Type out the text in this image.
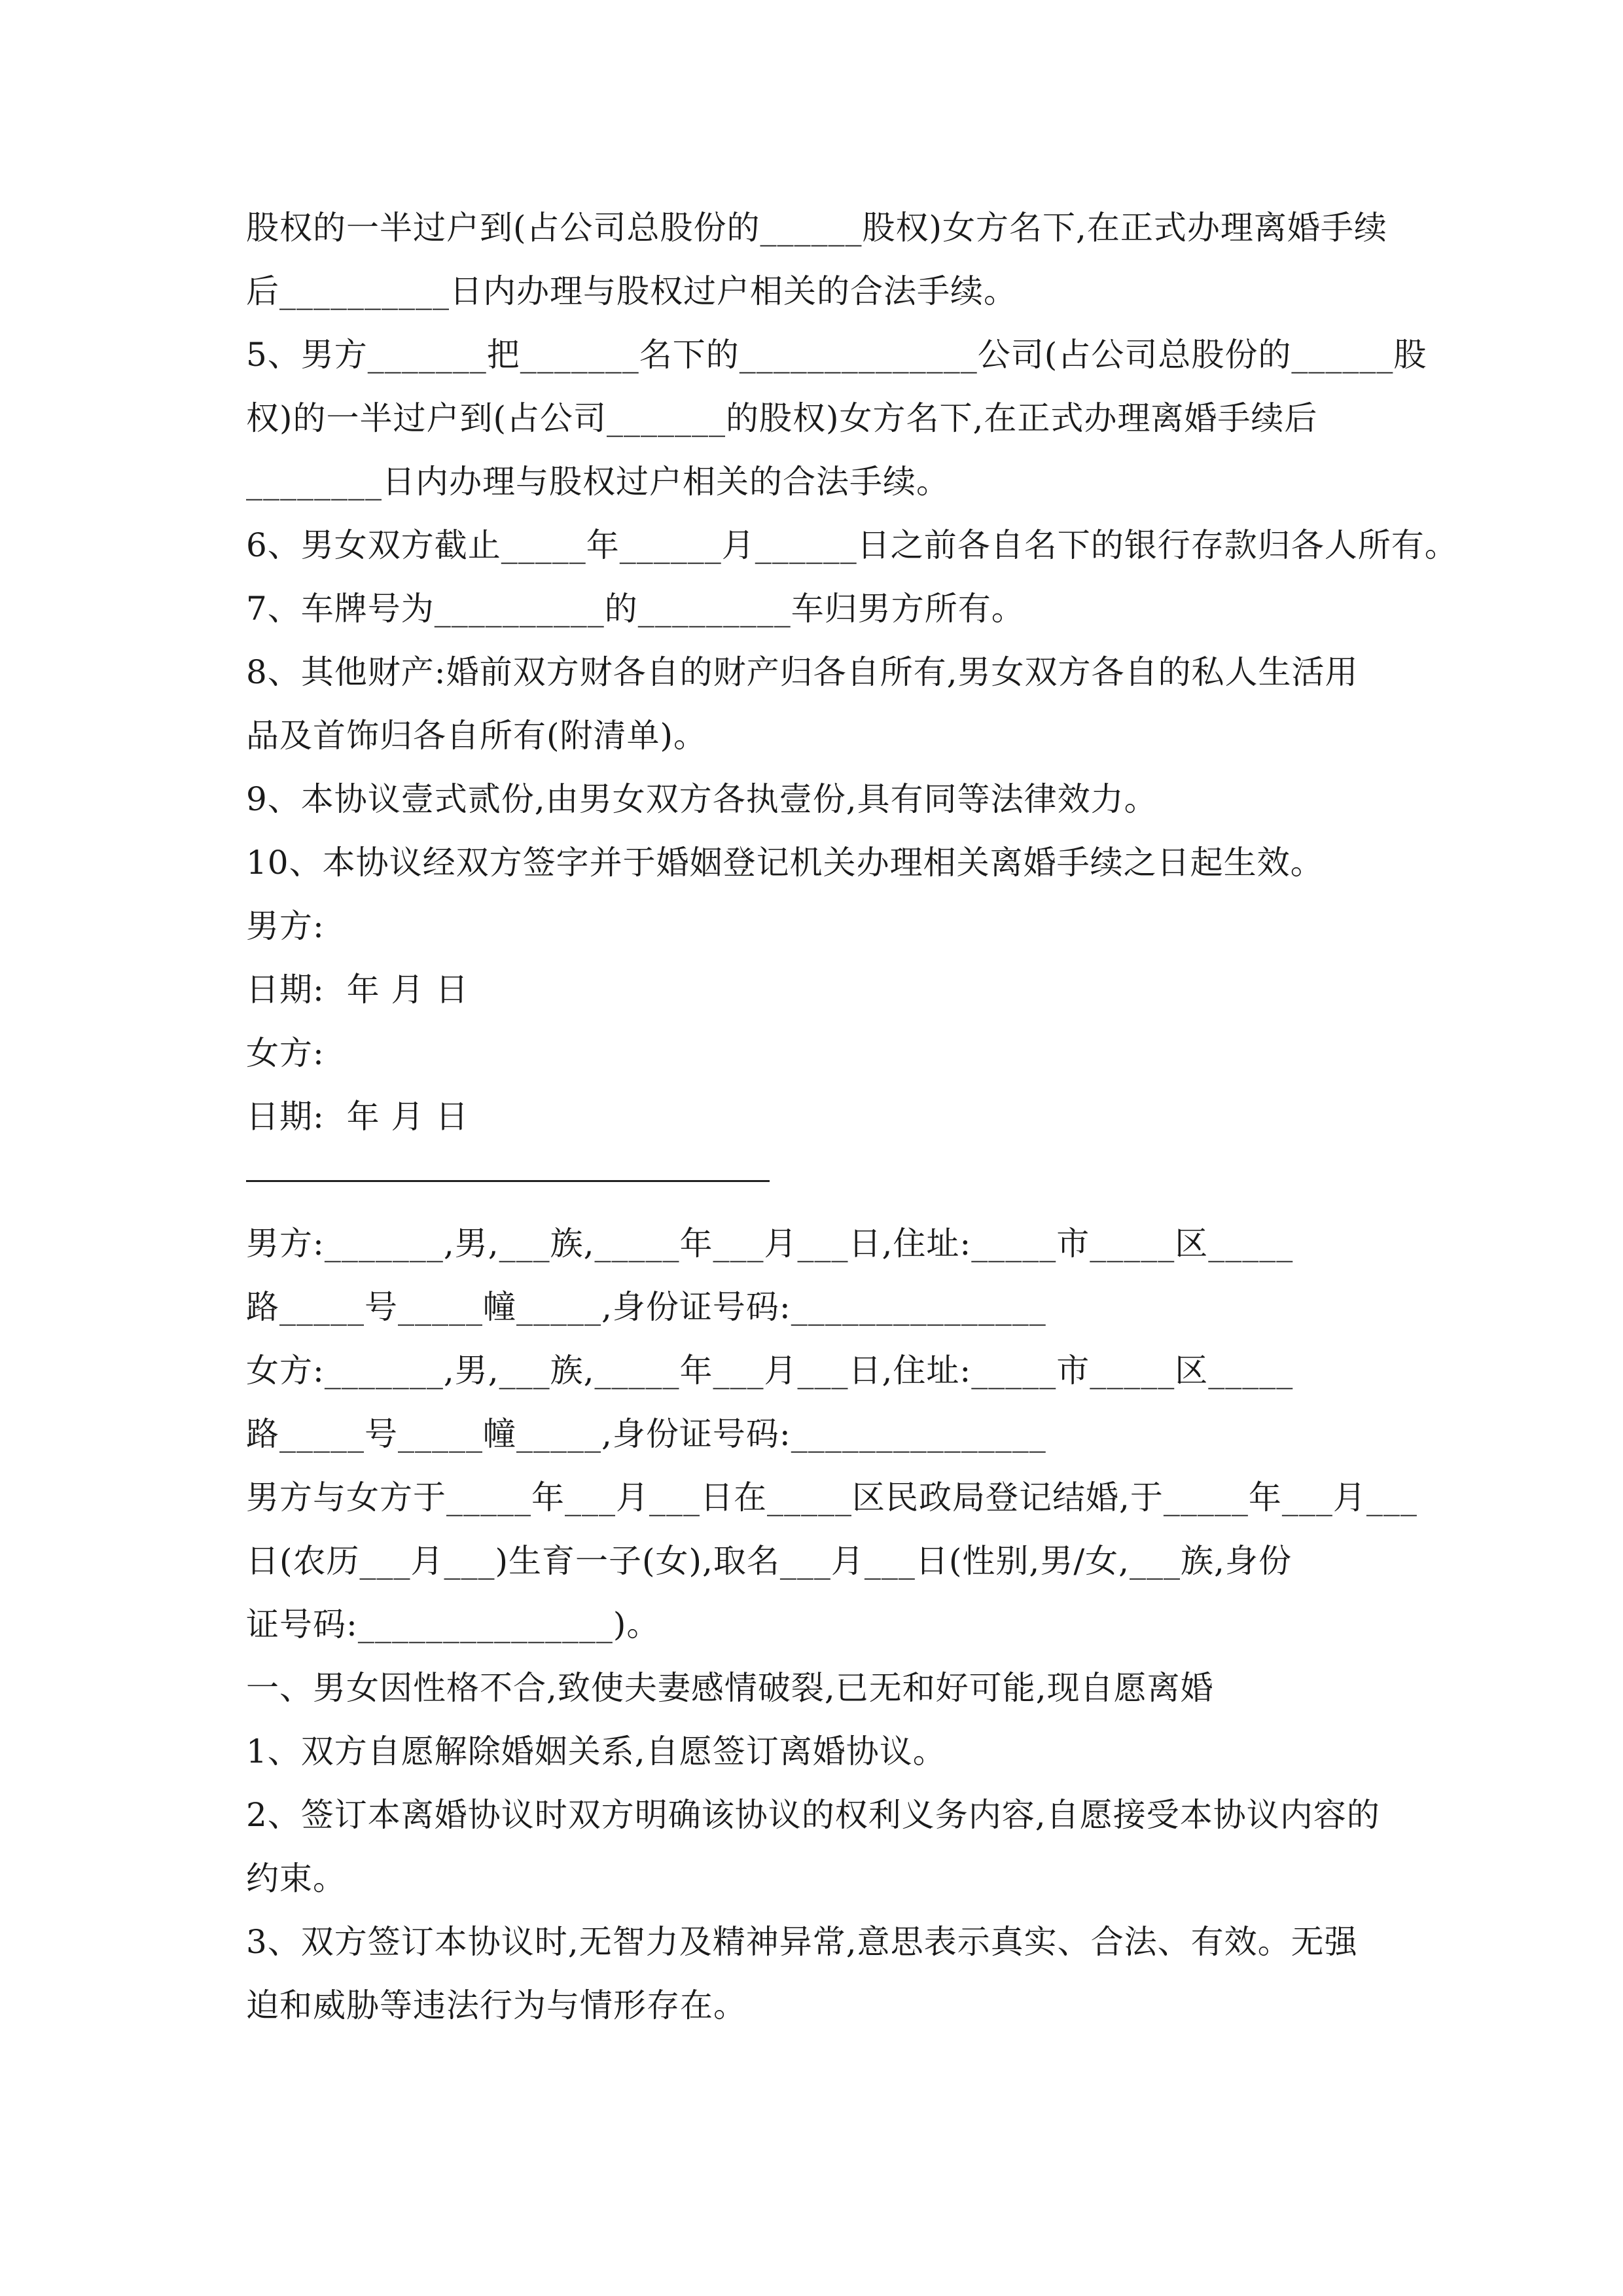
股权的一半过户到(占公司总股份的______股权)女方名下,在正式办理离婚手续
后__________日内办理与股权过户相关的合法手续。
5、男方_______把_______名下的______________公司(占公司总股份的______股
权)的一半过户到(占公司_______的股权)女方名下,在正式办理离婚手续后
________日内办理与股权过户相关的合法手续。
6、男女双方截止_____年______月______日之前各自名下的银行存款归各人所有。
7、车牌号为__________的_________车归男方所有。
8、其他财产:婚前双方财各自的财产归各自所有,男女双方各自的私人生活用
品及首饰归各自所有(附清单)。
9、本协议壹式贰份,由男女双方各执壹份,具有同等法律效力。
10、本协议经双方签字并于婚姻登记机关办理相关离婚手续之日起生效。
男方:
日期:  年 月 日
女方:
日期:  年 月 日
男方:_______,男,___族,_____年___月___日,住址:_____市_____区_____
路_____号_____幢_____,身份证号码:_______________
女方:_______,男,___族,_____年___月___日,住址:_____市_____区_____
路_____号_____幢_____,身份证号码:_______________
男方与女方于_____年___月___日在_____区民政局登记结婚,于_____年___月___
日(农历___月___)生育一子(女),取名___月___日(性别,男/女,___族,身份
证号码:_______________)。
一、男女因性格不合,致使夫妻感情破裂,已无和好可能,现自愿离婚
1、双方自愿解除婚姻关系,自愿签订离婚协议。
2、签订本离婚协议时双方明确该协议的权利义务内容,自愿接受本协议内容的
约束。
3、双方签订本协议时,无智力及精神异常,意思表示真实、合法、有效。无强
迫和威胁等违法行为与情形存在。
